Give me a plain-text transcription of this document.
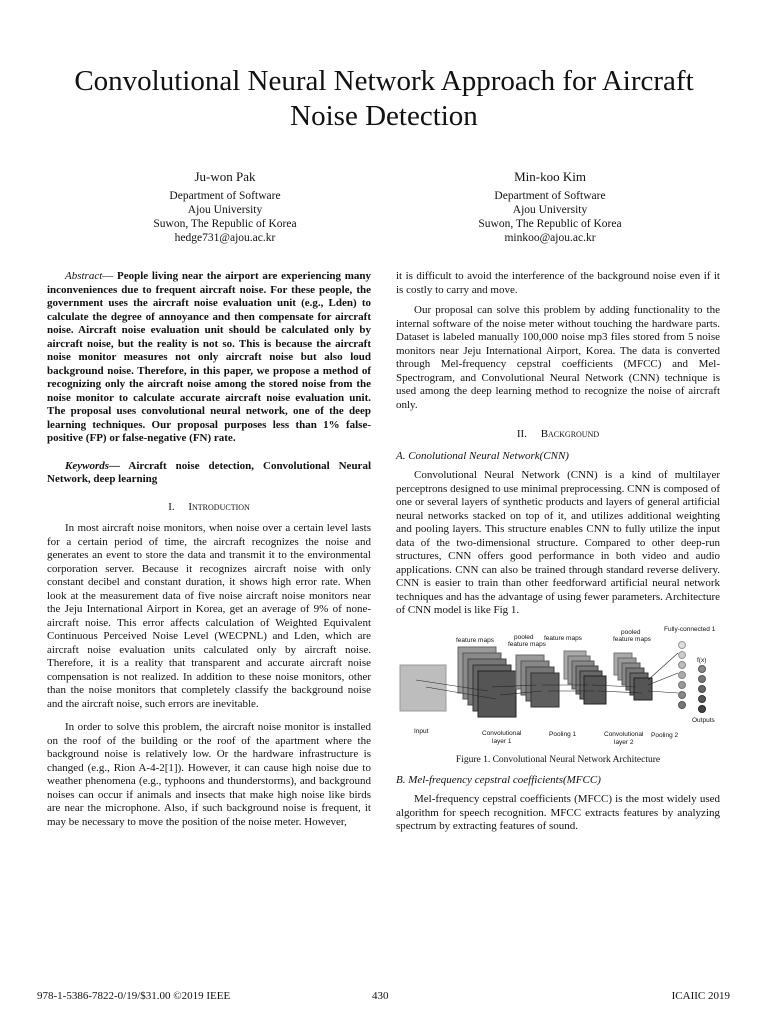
Convolutional Neural Network Approach for Aircraft
Noise Detection
Ju-won Pak
Department of Software
Ajou University
Suwon, The Republic of Korea
hedge731@ajou.ac.kr
Min-koo Kim
Department of Software
Ajou University
Suwon, The Republic of Korea
minkoo@ajou.ac.kr

Abstract— People living near the airport are experiencing many inconveniences due to frequent aircraft noise. For these people, the government uses the aircraft noise evaluation unit (e.g., Lden) to calculate the degree of annoyance and then compensate for aircraft noise. Aircraft noise evaluation unit should be calculated only by aircraft noise, but the reality is not so. This is because the aircraft noise monitor measures not only aircraft noise but also loud background noise. Therefore, in this paper, we propose a method of recognizing only the aircraft noise among the stored noise from the noise monitor to calculate accurate aircraft noise evaluation unit. The proposal uses convolutional neural network, one of the deep learning techniques. Our proposal purposes less than 1% false-positive (FP) or false-negative (FN) rate.

Keywords— Aircraft noise detection, Convolutional Neural Network, deep learning

I. Introduction

In most aircraft noise monitors, when noise over a certain level lasts for a certain period of time, the aircraft recognizes the noise and generates an event to store the data and transmit it to the environmental corporation server. Because it recognizes aircraft noise with only constant decibel and constant duration, it shows high error rate. When look at the measurement data of five noise aircraft noise monitors near the Jeju International Airport in Korea, get an average of 9% of none-aircraft noise. This error affects calculation of Weighted Equivalent Continuous Perceived Noise Level (WECPNL) and Lden, which are aircraft noise evaluation units calculated only by aircraft noise. Therefore, it is a reality that transparent and accurate aircraft noise compensation is not realized. In addition to these noise monitors, other than the noise monitors that completely classify the background noise and the aircraft noise, such errors are inevitable.

In order to solve this problem, the aircraft noise monitor is installed on the roof of the building or the roof of the apartment where the background noise is relatively low. Or the hardware infrastructure is changed (e.g., Rion A-4-2[1]). However, it can cause high noise due to weather phenomena (e.g., typhoons and thunderstorms), and background noises can occur if animals and insects that make high noise like birds are near the microphone. Also, if such background noise is frequent, it may be necessary to move the position of the noise meter. However,

it is difficult to avoid the interference of the background noise even if it is costly to carry and move.

Our proposal can solve this problem by adding functionality to the internal software of the noise meter without touching the hardware parts. Dataset is labeled manually 100,000 noise mp3 files stored from 5 noise monitors near Jeju International Airport, Korea. The data is converted through Mel-frequency cepstral coefficients (MFCC) and Mel-Spectrogram, and Convolutional Neural Network (CNN) technique is used among the deep learning method to recognize the noise of aircraft only.

II. Background
A. Conolutional Neural Network(CNN)

Convolutional Neural Network (CNN) is a kind of multilayer perceptrons designed to use minimal preprocessing. CNN is composed of one or several layers of synthetic products and layers of general artificial neural networks stacked on top of it, and utilizes additional weighting and pooling layers. This structure enables CNN to fully utilize the input data of the two-dimensional structure. Compared to other deep-run structures, CNN offers good performance in both video and audio applications. CNN can also be trained through standard reverse delivery. CNN is easier to train than other feedforward artificial neural network techniques and has the advantage of using fewer parameters. Architecture of CNN model is like Fig 1.

feature maps	pooled
feature maps
feature maps
pooled
feature maps
Fully-connected 1
f(x)
Input	Convolutional
layer 1
Pooling 1	Convolutional
layer 2
Pooling 2
Outputs
Figure 1. Convolutional Neural Network Architecture
B. Mel-frequency cepstral coefficients(MFCC)

Mel-frequency cepstral coefficients (MFCC) is the most widely used algorithm for speech recognition. MFCC extracts features by analyzing spectrum by extracting features of sound.

978-1-5386-7822-0/19/$31.00 ©2019 IEEE	430	ICAIIC 2019
